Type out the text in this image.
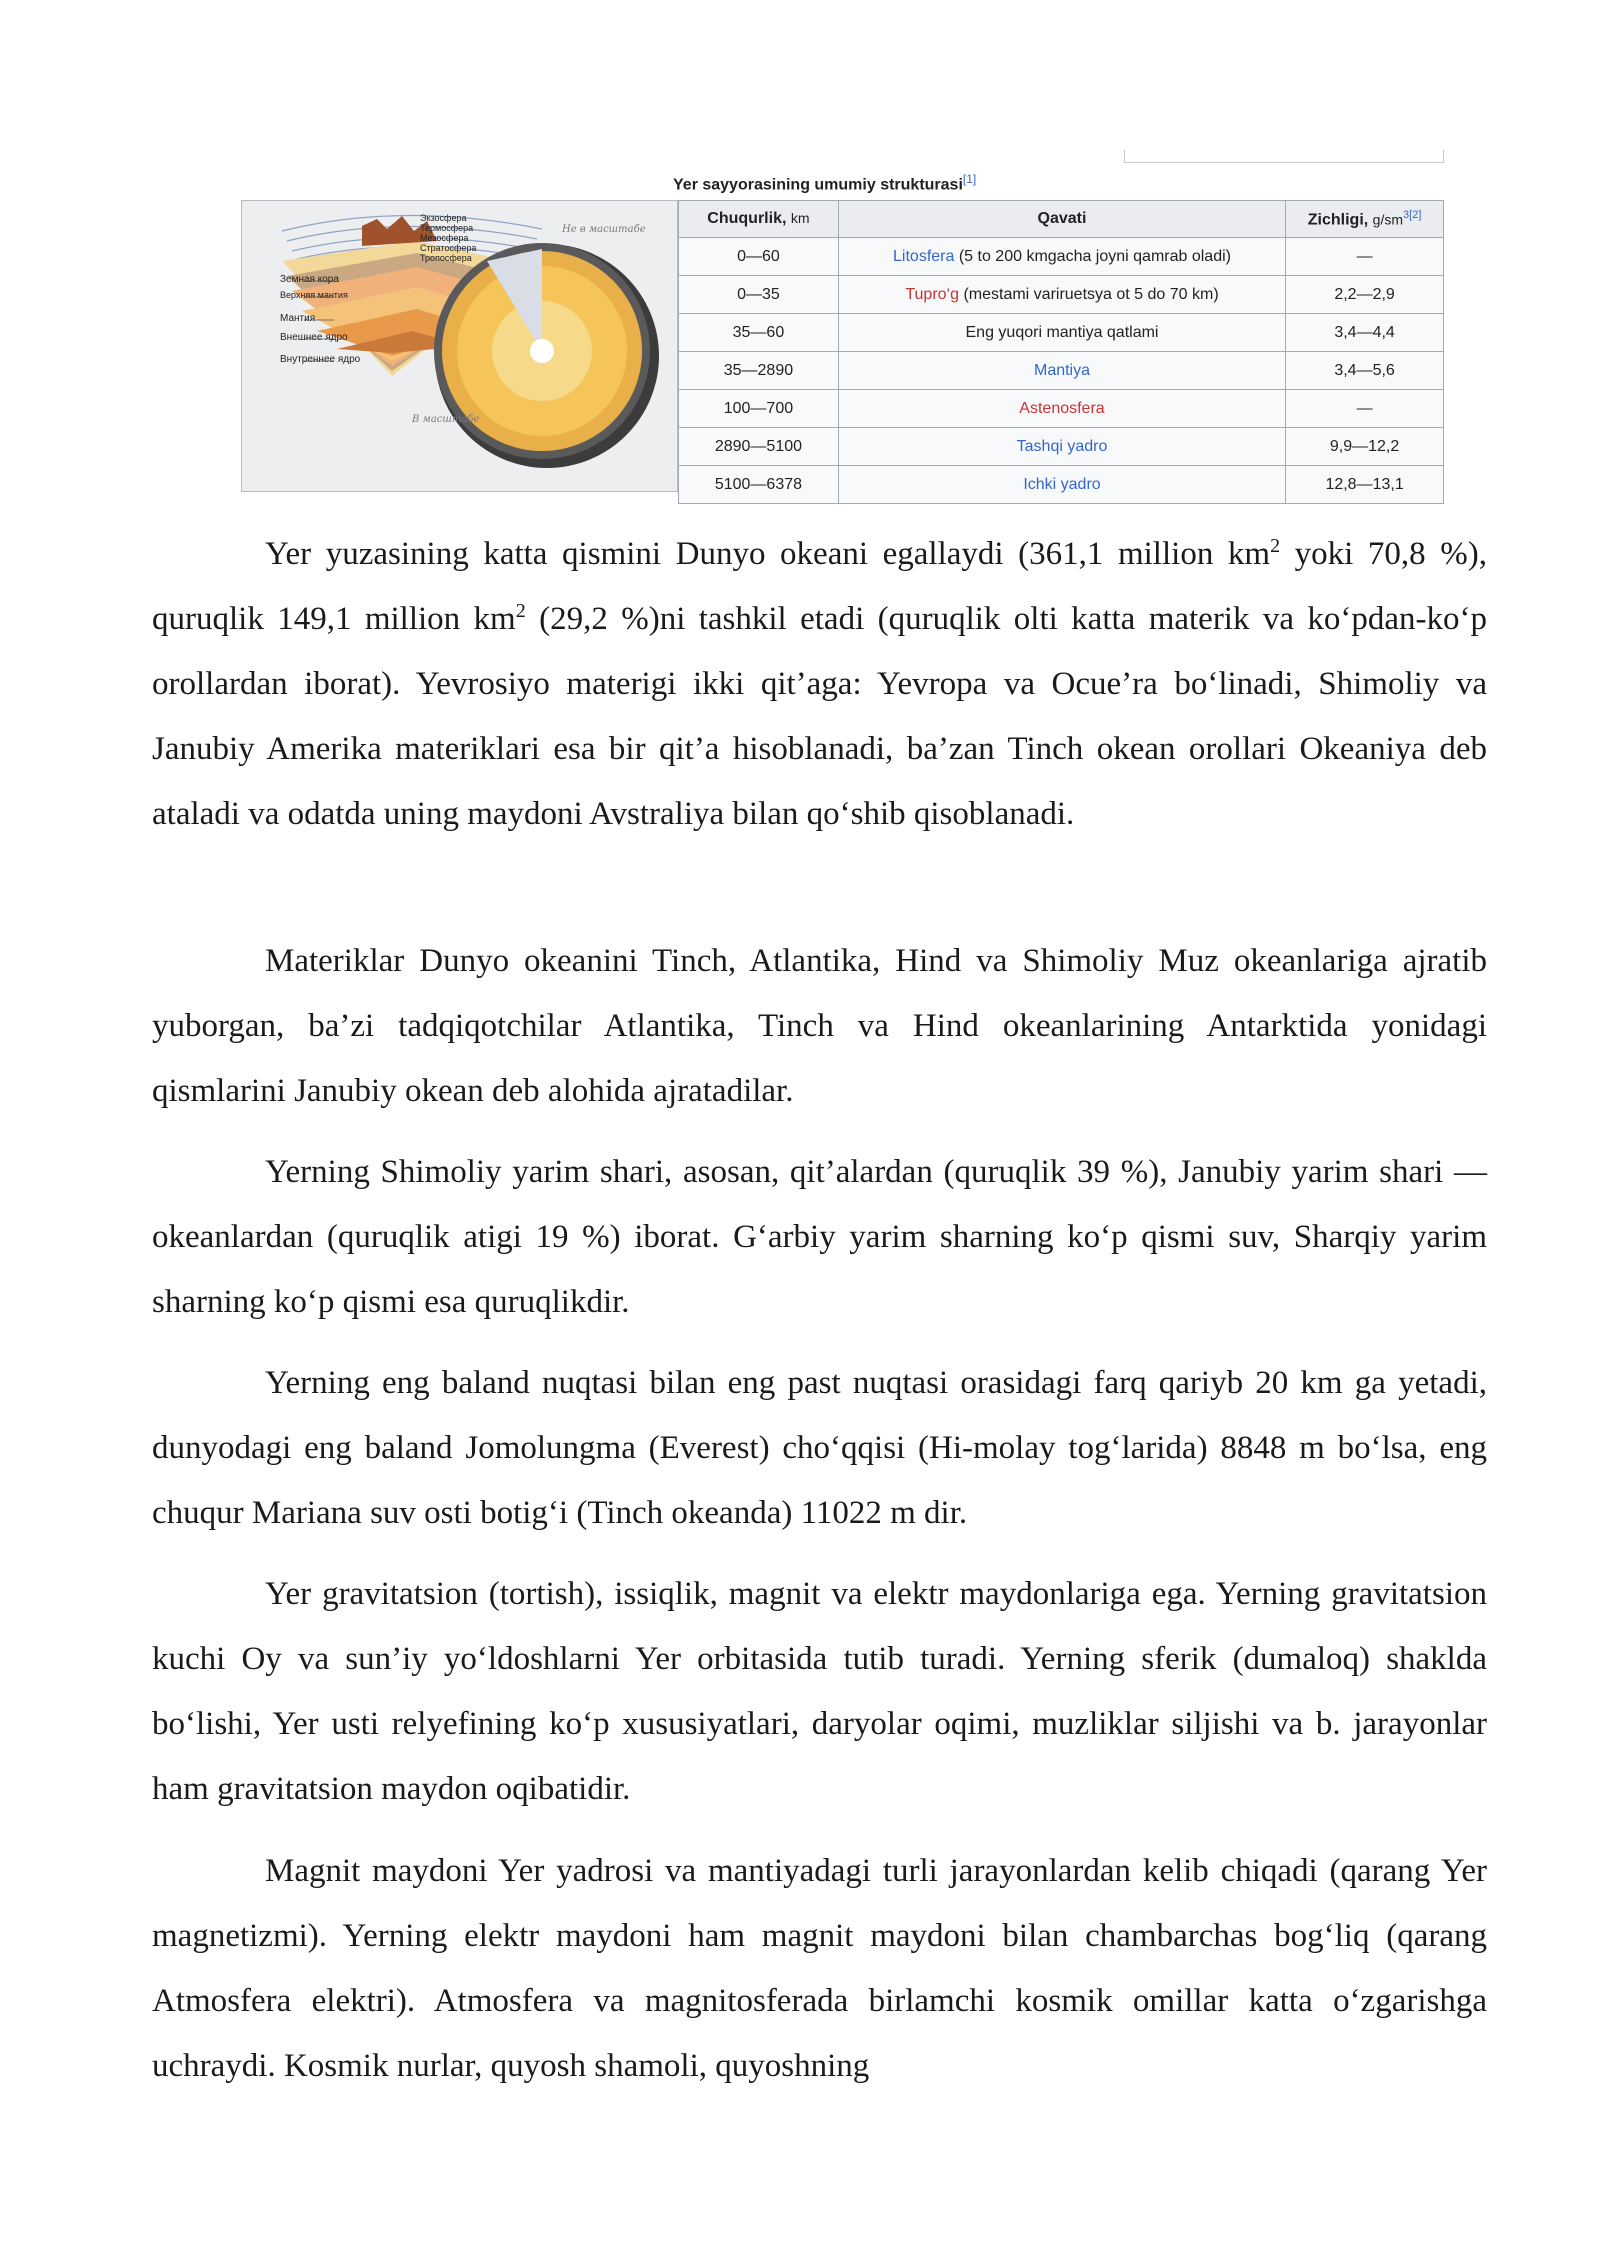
Yer sayyorasining umumiy strukturasi[1]
Экзосфера
Термосфера
Мезосфера
Стратосфера
Тропосфера
Не в масштабе
Земная кора
Верхняя мантия
Мантия
Внешнее ядро
Внутреннее ядро
В масштабе
Chuqurlik, km	Qavati	Zichligi, $g/sm^{3[2]}$
0—60	Litosfera (5 to 200 kmgacha joyni qamrab oladi)	—
0—35	Tupro‘g (mestami variruetsya ot 5 do 70 km)	2,2—2,9
35—60	Eng yuqori mantiya qatlami	3,4—4,4
35—2890	Mantiya	3,4—5,6
100—700	Astenosfera	—
2890—5100	Tashqi yadro	9,9—12,2
5100—6378	Ichki yadro	12,8—13,1

Yer yuzasining katta qismini Dunyo okeani egallaydi (361,1 million $km^2$ yoki 70,8 %), quruqlik 149,1 million $km^2$ (29,2 %)ni tashkil etadi (quruqlik olti katta materik va ko‘pdan-ko‘p orollardan iborat). Yevrosiyo materigi ikki qit’aga: Yevropa va Ocue’ra bo‘linadi, Shimoliy va Janubiy Amerika materiklari esa bir qit’a hisoblanadi, ba’zan Tinch okean orollari Okeaniya deb ataladi va odatda uning maydoni Avstraliya bilan qo‘shib qisoblanadi.

Materiklar Dunyo okeanini Tinch, Atlantika, Hind va Shimoliy Muz okeanlariga ajratib yuborgan, ba’zi tadqiqotchilar Atlantika, Tinch va Hind okeanlarining Antarktida yonidagi qismlarini Janubiy okean deb alohida ajratadilar.

Yerning Shimoliy yarim shari, asosan, qit’alardan (quruqlik 39 %), Janubiy yarim shari — okeanlardan (quruqlik atigi 19 %) iborat. G‘arbiy yarim sharning ko‘p qismi suv, Sharqiy yarim sharning ko‘p qismi esa quruqlikdir.

Yerning eng baland nuqtasi bilan eng past nuqtasi orasidagi farq qariyb 20 km ga yetadi, dunyodagi eng baland Jomolungma (Everest) cho‘qqisi (Hi-molay tog‘larida) 8848 m bo‘lsa, eng chuqur Mariana suv osti botig‘i (Tinch okeanda) 11022 m dir.

Yer gravitatsion (tortish), issiqlik, magnit va elektr maydonlariga ega. Yerning gravitatsion kuchi Oy va sun’iy yo‘ldoshlarni Yer orbitasida tutib turadi. Yerning sferik (dumaloq) shaklda bo‘lishi, Yer usti relyefining ko‘p xususiyatlari, daryolar oqimi, muzliklar siljishi va b. jarayonlar ham gravitatsion maydon oqibatidir.

Magnit maydoni Yer yadrosi va mantiyadagi turli jarayonlardan kelib chiqadi (qarang Yer magnetizmi). Yerning elektr maydoni ham magnit maydoni bilan chambarchas bog‘liq (qarang Atmosfera elektri). Atmosfera va magnitosferada birlamchi kosmik omillar katta o‘zgarishga uchraydi. Kosmik nurlar, quyosh shamoli, quyoshning
